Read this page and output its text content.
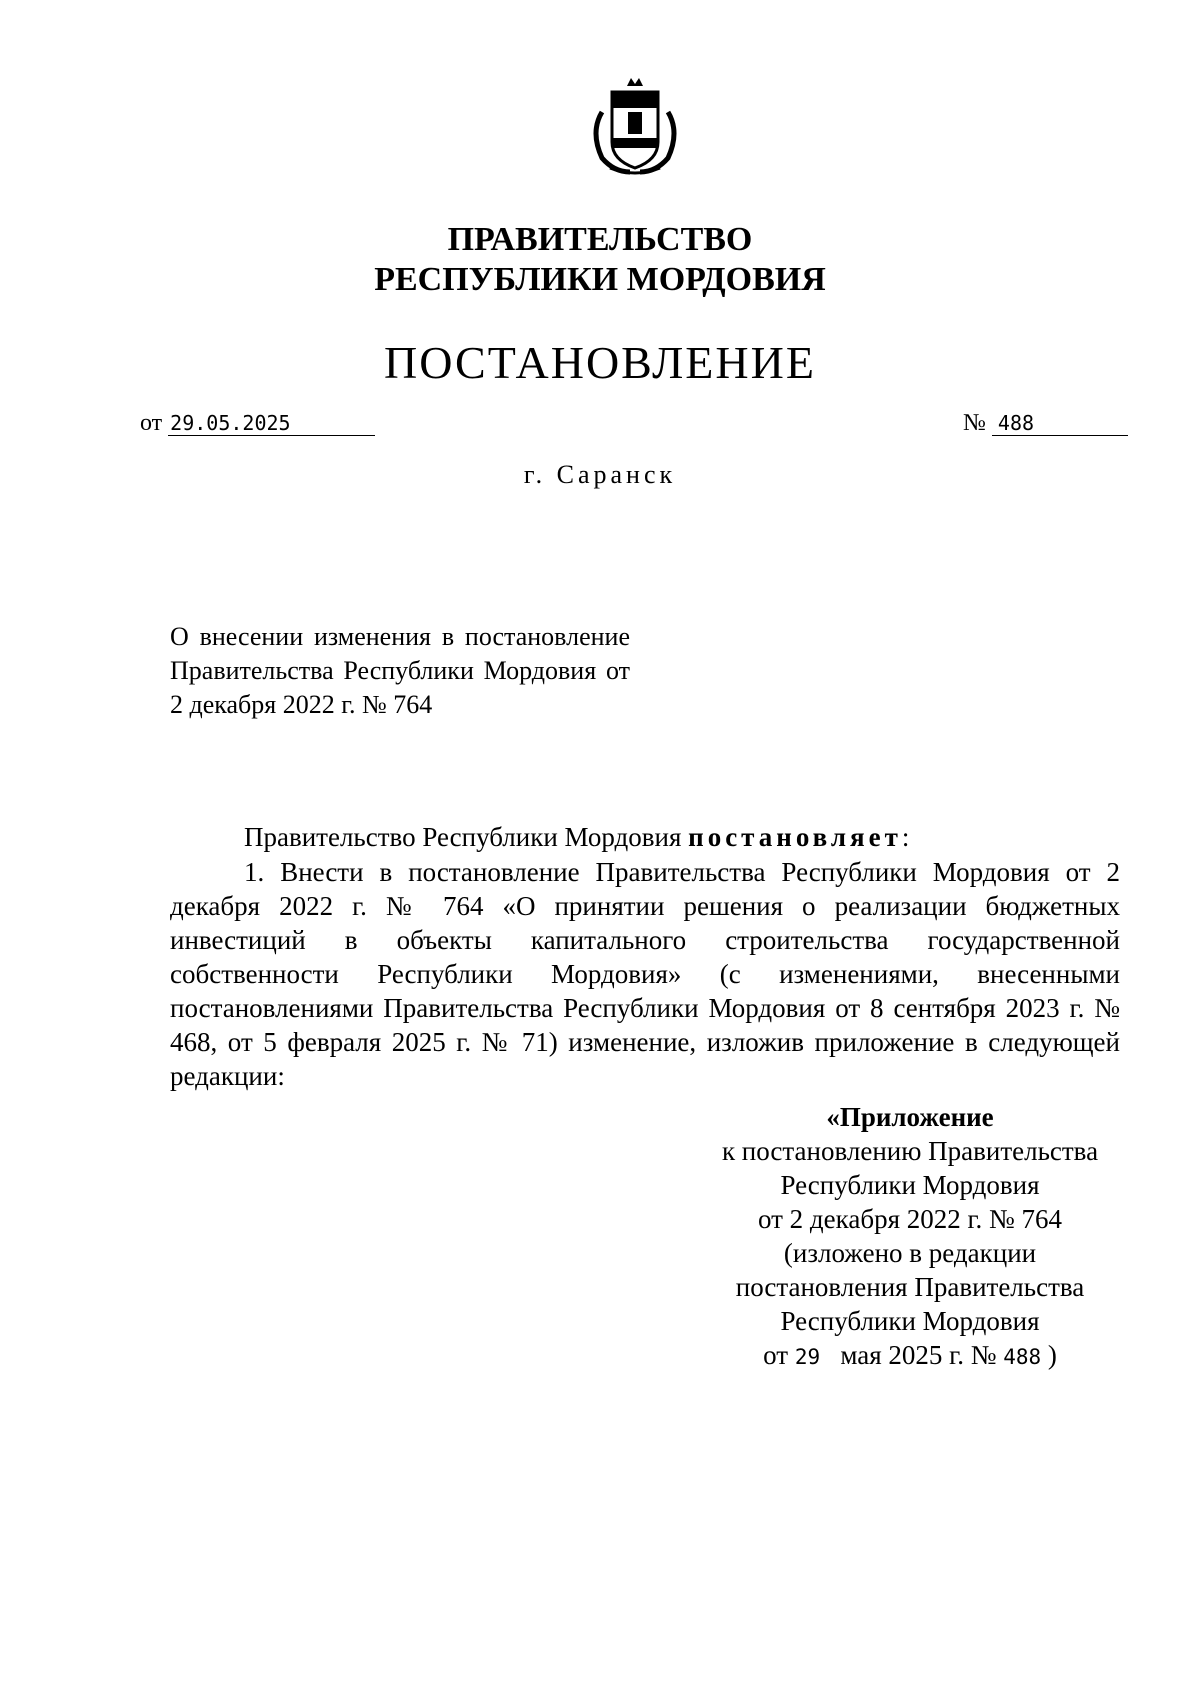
ПРАВИТЕЛЬСТВО
РЕСПУБЛИКИ МОРДОВИЯ
ПОСТАНОВЛЕНИЕ
от 29.05.2025	№ 488
г. Саранск
О внесении изменения в постановление Правительства Республики Мордовия от 2 декабря 2022 г. № 764
Правительство Республики Мордовия постановляет:
1. Внести в постановление Правительства Республики Мордовия от 2 декабря 2022 г. № 764 «О принятии решения о реализации бюджетных инвестиций в объекты капитального строительства государственной собственности Республики Мордовия» (с изменениями, внесенными постановлениями Правительства Республики Мордовия от 8 сентября 2023 г. № 468, от 5 февраля 2025 г. № 71) изменение, изложив приложение в следующей редакции:
«Приложение
к постановлению Правительства
Республики Мордовия
от 2 декабря 2022 г. № 764
(изложено в редакции
постановления Правительства
Республики Мордовия
от 29 мая 2025 г. № 488 )
